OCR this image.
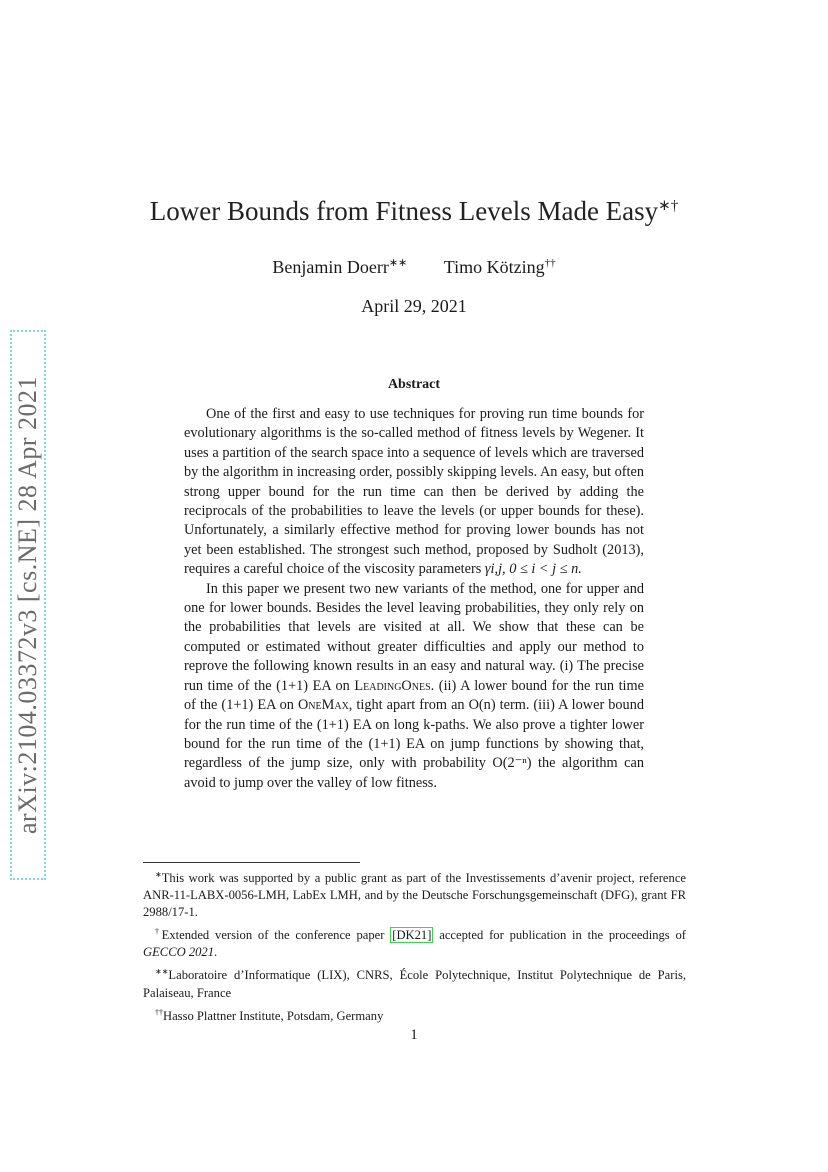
arXiv:2104.03372v3 [cs.NE] 28 Apr 2021
Lower Bounds from Fitness Levels Made Easy∗†
Benjamin Doerr∗∗ Timo Kötzing††
April 29, 2021
Abstract

One of the first and easy to use techniques for proving run time bounds for evolutionary algorithms is the so-called method of fitness levels by Wegener. It uses a partition of the search space into a sequence of levels which are traversed by the algorithm in increasing order, possibly skipping levels. An easy, but often strong upper bound for the run time can then be derived by adding the reciprocals of the probabilities to leave the levels (or upper bounds for these). Unfortunately, a similarly effective method for proving lower bounds has not yet been established. The strongest such method, proposed by Sudholt (2013), requires a careful choice of the viscosity parameters γi,j, 0 ≤ i < j ≤ n.

In this paper we present two new variants of the method, one for upper and one for lower bounds. Besides the level leaving probabilities, they only rely on the probabilities that levels are visited at all. We show that these can be computed or estimated without greater difficulties and apply our method to reprove the following known results in an easy and natural way. (i) The precise run time of the (1+1) EA on LeadingOnes. (ii) A lower bound for the run time of the (1+1) EA on OneMax, tight apart from an O(n) term. (iii) A lower bound for the run time of the (1+1) EA on long k-paths. We also prove a tighter lower bound for the run time of the (1+1) EA on jump functions by showing that, regardless of the jump size, only with probability O(2⁻ⁿ) the algorithm can avoid to jump over the valley of low fitness.

∗This work was supported by a public grant as part of the Investissements d’avenir project, reference ANR-11-LABX-0056-LMH, LabEx LMH, and by the Deutsche Forschungsgemeinschaft (DFG), grant FR 2988/17-1.

†Extended version of the conference paper [DK21] accepted for publication in the proceedings of GECCO 2021.

∗∗Laboratoire d’Informatique (LIX), CNRS, École Polytechnique, Institut Polytechnique de Paris, Palaiseau, France

††Hasso Plattner Institute, Potsdam, Germany

1
